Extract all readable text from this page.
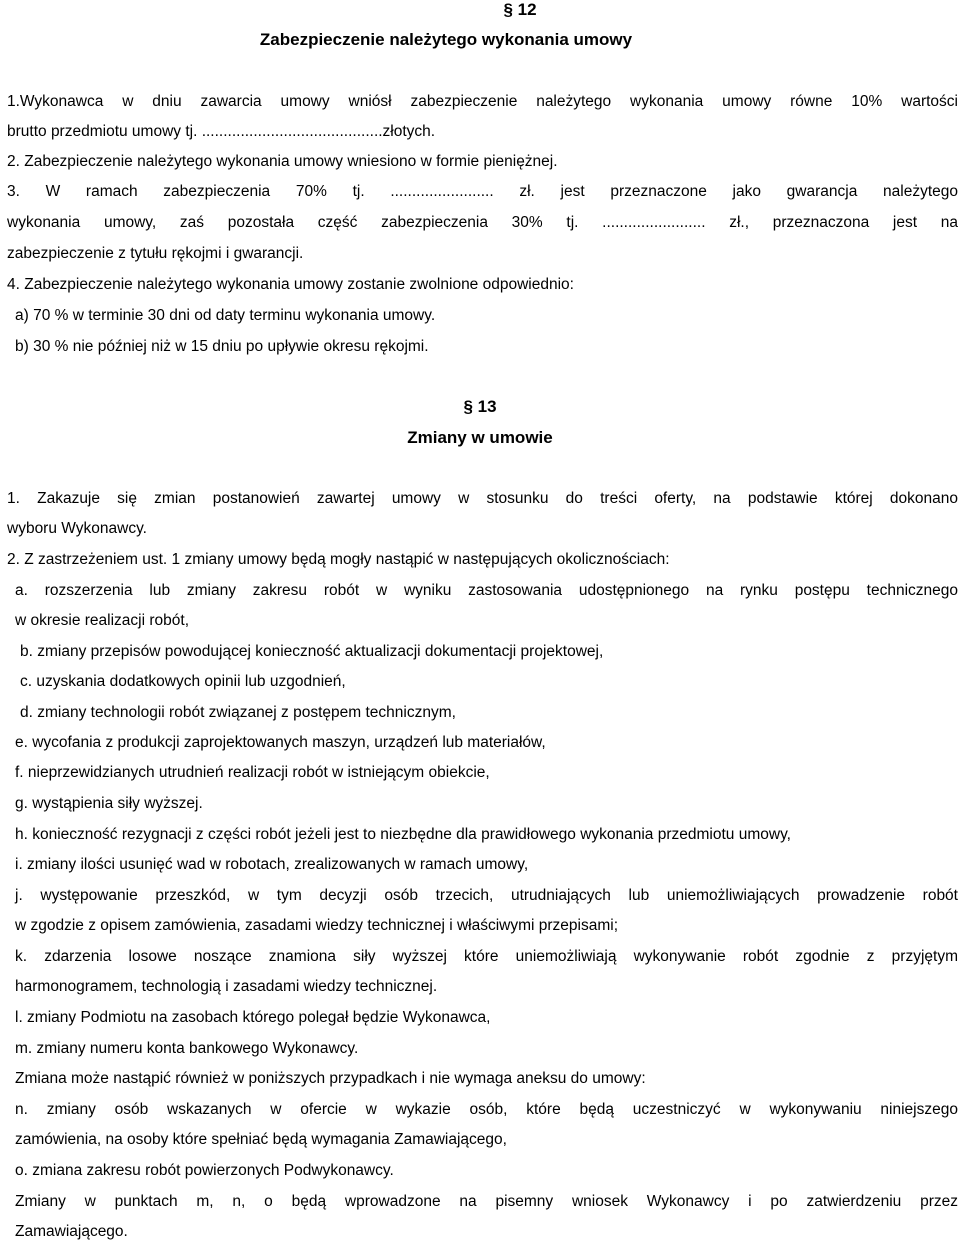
§ 12
Zabezpieczenie należytego wykonania umowy
1.Wykonawca w dniu zawarcia umowy wniósł zabezpieczenie należytego wykonania umowy równe 10% wartości
brutto przedmiotu umowy tj. ..........................................złotych.
2. Zabezpieczenie należytego wykonania umowy wniesiono w formie pieniężnej.
3. W ramach zabezpieczenia 70% tj. ........................ zł. jest przeznaczone jako gwarancja należytego
wykonania umowy, zaś pozostała część zabezpieczenia 30% tj. ........................ zł., przeznaczona jest na
zabezpieczenie z tytułu rękojmi i gwarancji.
4. Zabezpieczenie należytego wykonania umowy zostanie zwolnione odpowiednio:
a) 70 % w terminie 30 dni od daty terminu wykonania umowy.
b) 30 % nie później niż w 15 dniu po upływie okresu rękojmi.
§ 13
Zmiany w umowie
1. Zakazuje się zmian postanowień zawartej umowy w stosunku do treści oferty, na podstawie której dokonano
wyboru Wykonawcy.
2. Z zastrzeżeniem ust. 1 zmiany umowy będą mogły nastąpić w następujących okolicznościach:
a. rozszerzenia lub zmiany zakresu robót w wyniku zastosowania udostępnionego na rynku postępu technicznego
w okresie realizacji robót,
b. zmiany przepisów powodującej konieczność aktualizacji dokumentacji projektowej,
c. uzyskania dodatkowych opinii lub uzgodnień,
d. zmiany technologii robót związanej z postępem technicznym,
e. wycofania z produkcji zaprojektowanych maszyn, urządzeń lub materiałów,
f. nieprzewidzianych utrudnień realizacji robót w istniejącym obiekcie,
g. wystąpienia siły wyższej.
h. konieczność rezygnacji z części robót jeżeli jest to niezbędne dla prawidłowego wykonania przedmiotu umowy,
i. zmiany ilości usunięć wad w robotach, zrealizowanych w ramach umowy,
j. występowanie przeszkód, w tym decyzji osób trzecich, utrudniających lub uniemożliwiających prowadzenie robót
w zgodzie z opisem zamówienia, zasadami wiedzy technicznej i właściwymi przepisami;
k. zdarzenia losowe noszące znamiona siły wyższej które uniemożliwiają wykonywanie robót zgodnie z przyjętym
harmonogramem, technologią i zasadami wiedzy technicznej.
l. zmiany Podmiotu na zasobach którego polegał będzie Wykonawca,
m. zmiany numeru konta bankowego Wykonawcy.
Zmiana może nastąpić również w poniższych przypadkach i nie wymaga aneksu do umowy:
n. zmiany osób wskazanych w ofercie w wykazie osób, które będą uczestniczyć w wykonywaniu niniejszego
zamówienia, na osoby które spełniać będą wymagania Zamawiającego,
o. zmiana zakresu robót powierzonych Podwykonawcy.
Zmiany w punktach m, n, o będą wprowadzone na pisemny wniosek Wykonawcy i po zatwierdzeniu przez
Zamawiającego.
